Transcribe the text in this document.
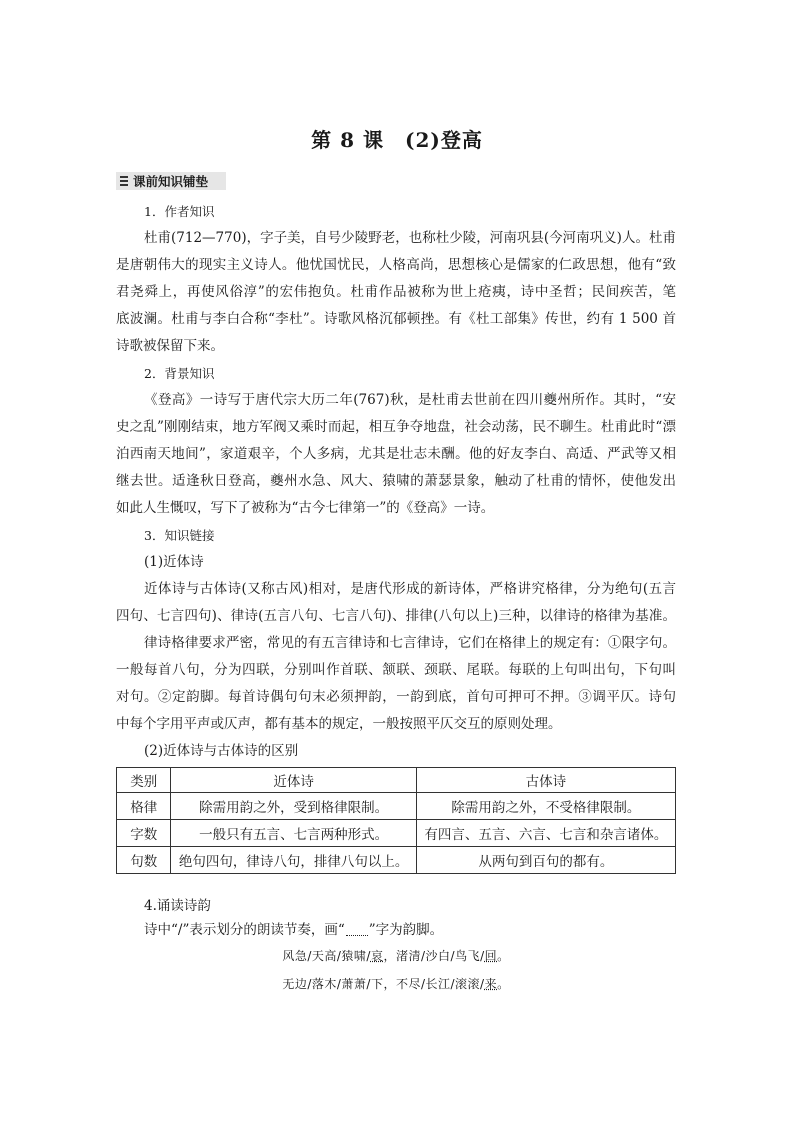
第 8 课　(2)登高
课前知识铺垫
1．作者知识
杜甫(712—770)，字子美，自号少陵野老，也称杜少陵，河南巩县(今河南巩义)人。杜甫
是唐朝伟大的现实主义诗人。他忧国忧民，人格高尚，思想核心是儒家的仁政思想，他有“致
君尧舜上，再使风俗淳”的宏伟抱负。杜甫作品被称为世上疮痍，诗中圣哲；民间疾苦，笔
底波澜。杜甫与李白合称“李杜”。诗歌风格沉郁顿挫。有《杜工部集》传世，约有 1 500 首
诗歌被保留下来。
2．背景知识
《登高》一诗写于唐代宗大历二年(767)秋，是杜甫去世前在四川夔州所作。其时，“安
史之乱”刚刚结束，地方军阀又乘时而起，相互争夺地盘，社会动荡，民不聊生。杜甫此时“漂
泊西南天地间”，家道艰辛，个人多病，尤其是壮志未酬。他的好友李白、高适、严武等又相
继去世。适逢秋日登高，夔州水急、风大、猿啸的萧瑟景象，触动了杜甫的情怀，使他发出
如此人生慨叹，写下了被称为“古今七律第一”的《登高》一诗。
3．知识链接
(1)近体诗
近体诗与古体诗(又称古风)相对，是唐代形成的新诗体，严格讲究格律，分为绝句(五言
四句、七言四句)、律诗(五言八句、七言八句)、排律(八句以上)三种，以律诗的格律为基准。
律诗格律要求严密，常见的有五言律诗和七言律诗，它们在格律上的规定有：①限字句。
一般每首八句，分为四联，分别叫作首联、颔联、颈联、尾联。每联的上句叫出句，下句叫
对句。②定韵脚。每首诗偶句句末必须押韵，一韵到底，首句可押可不押。③调平仄。诗句
中每个字用平声或仄声，都有基本的规定，一般按照平仄交互的原则处理。
(2)近体诗与古体诗的区别
类别	近体诗	古体诗
格律	除需用韵之外，受到格律限制。	除需用韵之外，不受格律限制。
字数	一般只有五言、七言两种形式。	有四言、五言、六言、七言和杂言诸体。
句数	绝句四句，律诗八句，排律八句以上。	从两句到百句的都有。
4.诵读诗韵
诗中“/”表示划分的朗读节奏，画“ ”字为韵脚。
风急/天高/猿啸/哀，渚清/沙白/鸟飞/回。
无边/落木/萧萧/下，不尽/长江/滚滚/来。
